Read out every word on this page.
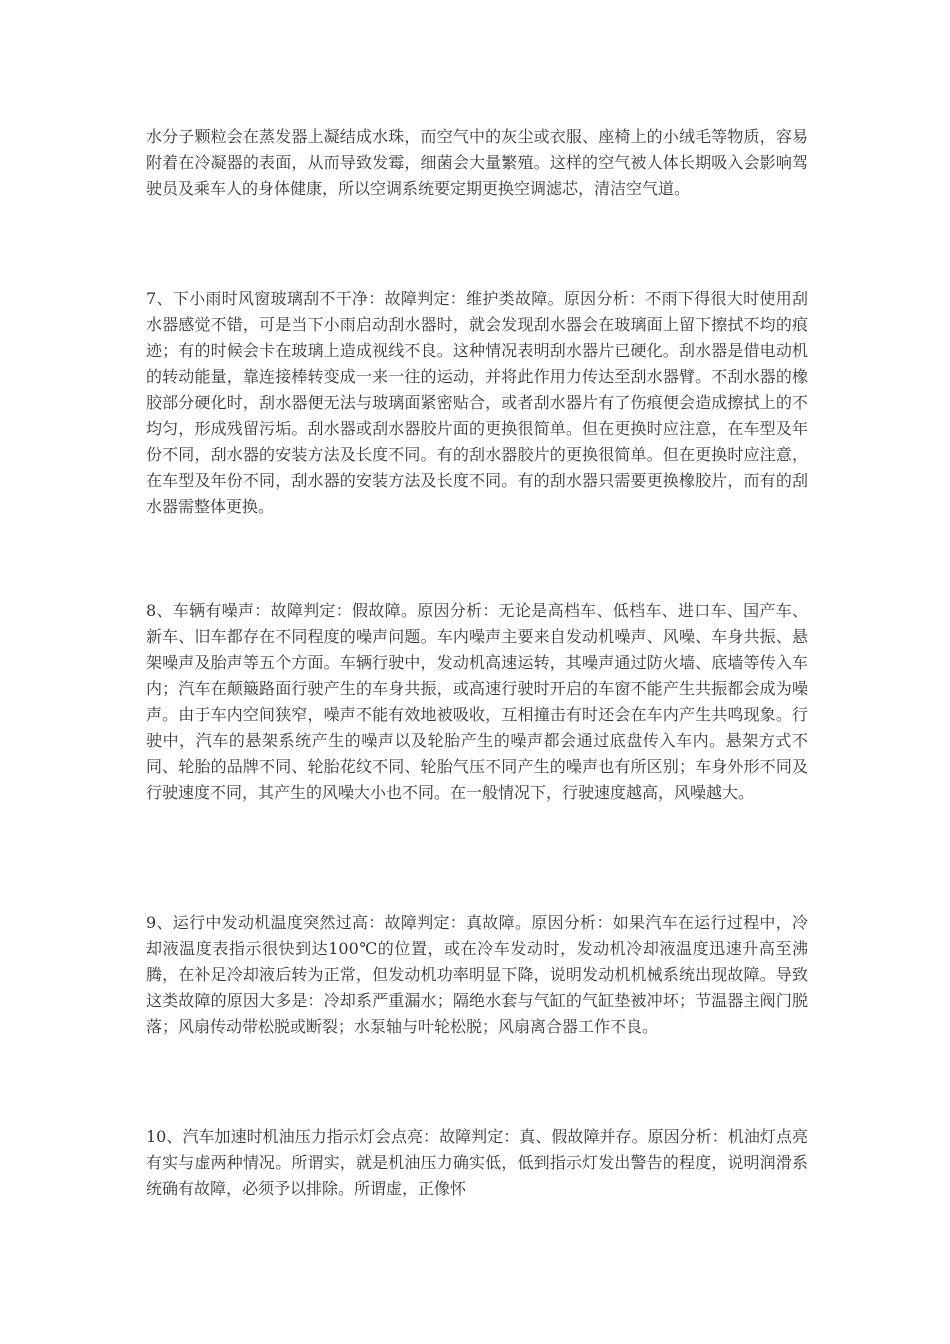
水分子颗粒会在蒸发器上凝结成水珠，而空气中的灰尘或衣服、座椅上的小绒毛等物质，容易附着在冷凝器的表面，从而导致发霉，细菌会大量繁殖。这样的空气被人体长期吸入会影响驾驶员及乘车人的身体健康，所以空调系统要定期更换空调滤芯，清洁空气道。

7、下小雨时风窗玻璃刮不干净：故障判定：维护类故障。原因分析：不雨下得很大时使用刮水器感觉不错，可是当下小雨启动刮水器时，就会发现刮水器会在玻璃面上留下擦拭不均的痕迹；有的时候会卡在玻璃上造成视线不良。这种情况表明刮水器片已硬化。刮水器是借电动机的转动能量，靠连接棒转变成一来一往的运动，并将此作用力传达至刮水器臂。不刮水器的橡胶部分硬化时，刮水器便无法与玻璃面紧密贴合，或者刮水器片有了伤痕便会造成擦拭上的不均匀，形成残留污垢。刮水器或刮水器胶片面的更换很简单。但在更换时应注意，在车型及年份不同，刮水器的安装方法及长度不同。有的刮水器胶片的更换很简单。但在更换时应注意，在车型及年份不同，刮水器的安装方法及长度不同。有的刮水器只需要更换橡胶片，而有的刮水器需整体更换。

8、车辆有噪声：故障判定：假故障。原因分析：无论是高档车、低档车、进口车、国产车、新车、旧车都存在不同程度的噪声问题。车内噪声主要来自发动机噪声、风噪、车身共振、悬架噪声及胎声等五个方面。车辆行驶中，发动机高速运转，其噪声通过防火墙、底墙等传入车内；汽车在颠簸路面行驶产生的车身共振，或高速行驶时开启的车窗不能产生共振都会成为噪声。由于车内空间狭窄，噪声不能有效地被吸收，互相撞击有时还会在车内产生共鸣现象。行驶中，汽车的悬架系统产生的噪声以及轮胎产生的噪声都会通过底盘传入车内。悬架方式不同、轮胎的品牌不同、轮胎花纹不同、轮胎气压不同产生的噪声也有所区别；车身外形不同及行驶速度不同，其产生的风噪大小也不同。在一般情况下，行驶速度越高，风噪越大。

9、运行中发动机温度突然过高：故障判定：真故障。原因分析：如果汽车在运行过程中，冷却液温度表指示很快到达100℃的位置，或在冷车发动时，发动机冷却液温度迅速升高至沸腾，在补足冷却液后转为正常，但发动机功率明显下降，说明发动机机械系统出现故障。导致这类故障的原因大多是：冷却系严重漏水；隔绝水套与气缸的气缸垫被冲坏；节温器主阀门脱落；风扇传动带松脱或断裂；水泵轴与叶轮松脱；风扇离合器工作不良。

10、汽车加速时机油压力指示灯会点亮：故障判定：真、假故障并存。原因分析：机油灯点亮有实与虚两种情况。所谓实，就是机油压力确实低，低到指示灯发出警告的程度，说明润滑系统确有故障，必须予以排除。所谓虚，正像怀
